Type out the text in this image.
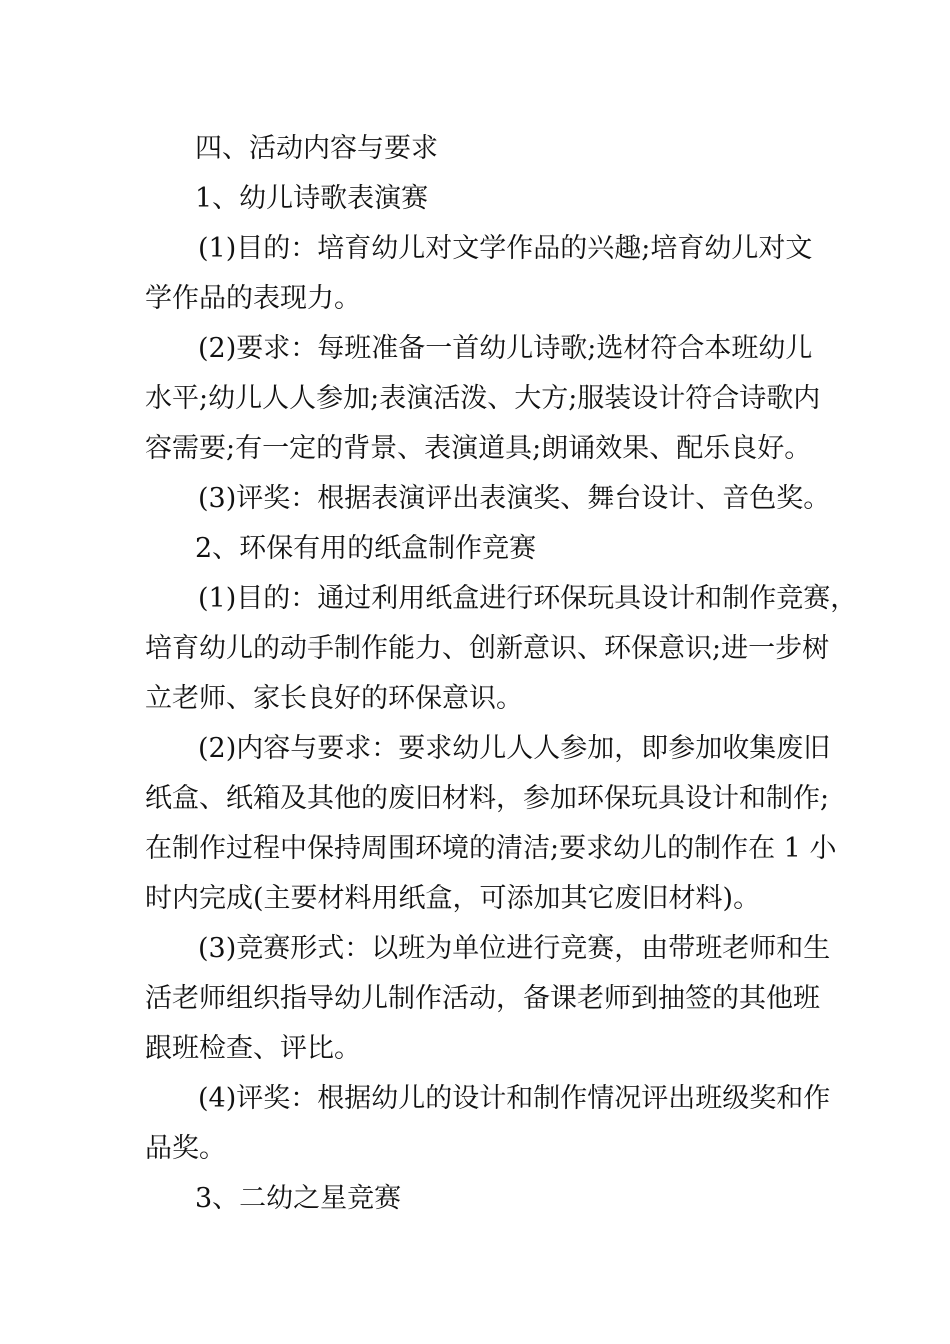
四、活动内容与要求
1、幼儿诗歌表演赛
(1)目的：培育幼儿对文学作品的兴趣;培育幼儿对文
学作品的表现力。
(2)要求：每班准备一首幼儿诗歌;选材符合本班幼儿
水平;幼儿人人参加;表演活泼、大方;服装设计符合诗歌内
容需要;有一定的背景、表演道具;朗诵效果、配乐良好。
(3)评奖：根据表演评出表演奖、舞台设计、音色奖。
2、环保有用的纸盒制作竞赛
(1)目的：通过利用纸盒进行环保玩具设计和制作竞赛，
培育幼儿的动手制作能力、创新意识、环保意识;进一步树
立老师、家长良好的环保意识。
(2)内容与要求：要求幼儿人人参加，即参加收集废旧
纸盒、纸箱及其他的废旧材料，参加环保玩具设计和制作;
在制作过程中保持周围环境的清洁;要求幼儿的制作在 1 小
时内完成(主要材料用纸盒，可添加其它废旧材料)。
(3)竞赛形式：以班为单位进行竞赛，由带班老师和生
活老师组织指导幼儿制作活动，备课老师到抽签的其他班
跟班检查、评比。
(4)评奖：根据幼儿的设计和制作情况评出班级奖和作
品奖。
3、二幼之星竞赛
